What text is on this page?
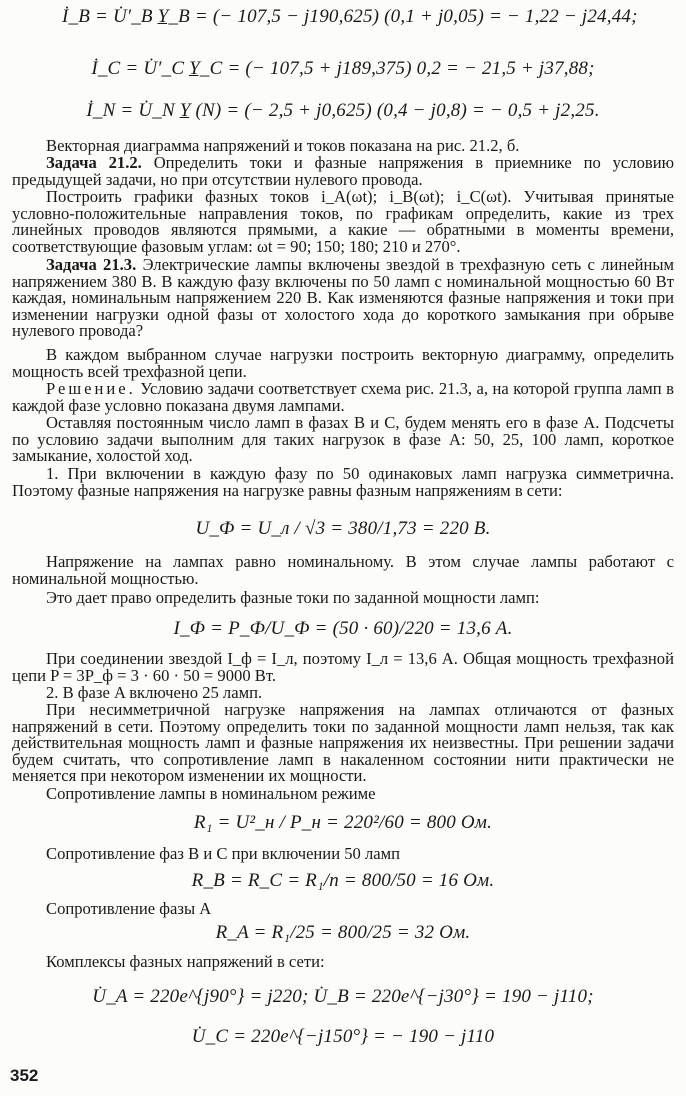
İ_B = U̇′_B Y̲_B = (− 107,5 − j190,625) (0,1 + j0,05) = − 1,22 − j24,44;
İ_C = U̇′_C Y̲_C = (− 107,5 + j189,375) 0,2 = − 21,5 + j37,88;
İ_N = U̇_N Y̲ (N) = (− 2,5 + j0,625) (0,4 − j0,8) = − 0,5 + j2,25.
Векторная диаграмма напряжений и токов показана на рис. 21.2, б.
Задача 21.2. Определить токи и фазные напряжения в приемнике по условию предыдущей задачи, но при отсутствии нулевого провода.
Построить графики фазных токов i_A(ωt); i_B(ωt); i_C(ωt). Учитывая принятые условно-положительные направления токов, по графикам определить, какие из трех линейных проводов являются прямыми, а какие — обратными в моменты времени, соответствующие фазовым углам: ωt = 90; 150; 180; 210 и 270°.
Задача 21.3. Электрические лампы включены звездой в трехфазную сеть с линейным напряжением 380 В. В каждую фазу включены по 50 ламп с номинальной мощностью 60 Вт каждая, номинальным напряжением 220 В. Как изменяются фазные напряжения и токи при изменении нагрузки одной фазы от холостого хода до короткого замыкания при обрыве нулевого провода?
В каждом выбранном случае нагрузки построить векторную диаграмму, определить мощность всей трехфазной цепи.
Решение. Условию задачи соответствует схема рис. 21.3, а, на которой группа ламп в каждой фазе условно показана двумя лампами.
Оставляя постоянным число ламп в фазах B и C, будем менять его в фазе A. Подсчеты по условию задачи выполним для таких нагрузок в фазе A: 50, 25, 100 ламп, короткое замыкание, холостой ход.
1. При включении в каждую фазу по 50 одинаковых ламп нагрузка симметрична. Поэтому фазные напряжения на нагрузке равны фазным напряжениям в сети:
U_Ф = U_л / √3 = 380/1,73 = 220 В.
Напряжение на лампах равно номинальному. В этом случае лампы работают с номинальной мощностью.
Это дает право определить фазные токи по заданной мощности ламп:
I_Ф = P_Ф/U_Ф = (50 · 60)/220 = 13,6 А.
При соединении звездой I_ф = I_л, поэтому I_л = 13,6 А. Общая мощность трехфазной цепи P = 3P_ф = 3 · 60 · 50 = 9000 Вт.
2. В фазе A включено 25 ламп.
При несимметричной нагрузке напряжения на лампах отличаются от фазных напряжений в сети. Поэтому определить токи по заданной мощности ламп нельзя, так как действительная мощность ламп и фазные напряжения их неизвестны. При решении задачи будем считать, что сопротивление ламп в накаленном состоянии нити практически не меняется при некотором изменении их мощности.
Сопротивление лампы в номинальном режиме
R₁ = U²_н / P_н = 220²/60 = 800 Ом.
Сопротивление фаз B и C при включении 50 ламп
R_B = R_C = R₁/n = 800/50 = 16 Ом.
Сопротивление фазы A
R_A = R₁/25 = 800/25 = 32 Ом.
Комплексы фазных напряжений в сети:
U̇_A = 220e^{j90°} = j220; U̇_B = 220e^{−j30°} = 190 − j110;
U̇_C = 220e^{−j150°} = − 190 − j110
352
